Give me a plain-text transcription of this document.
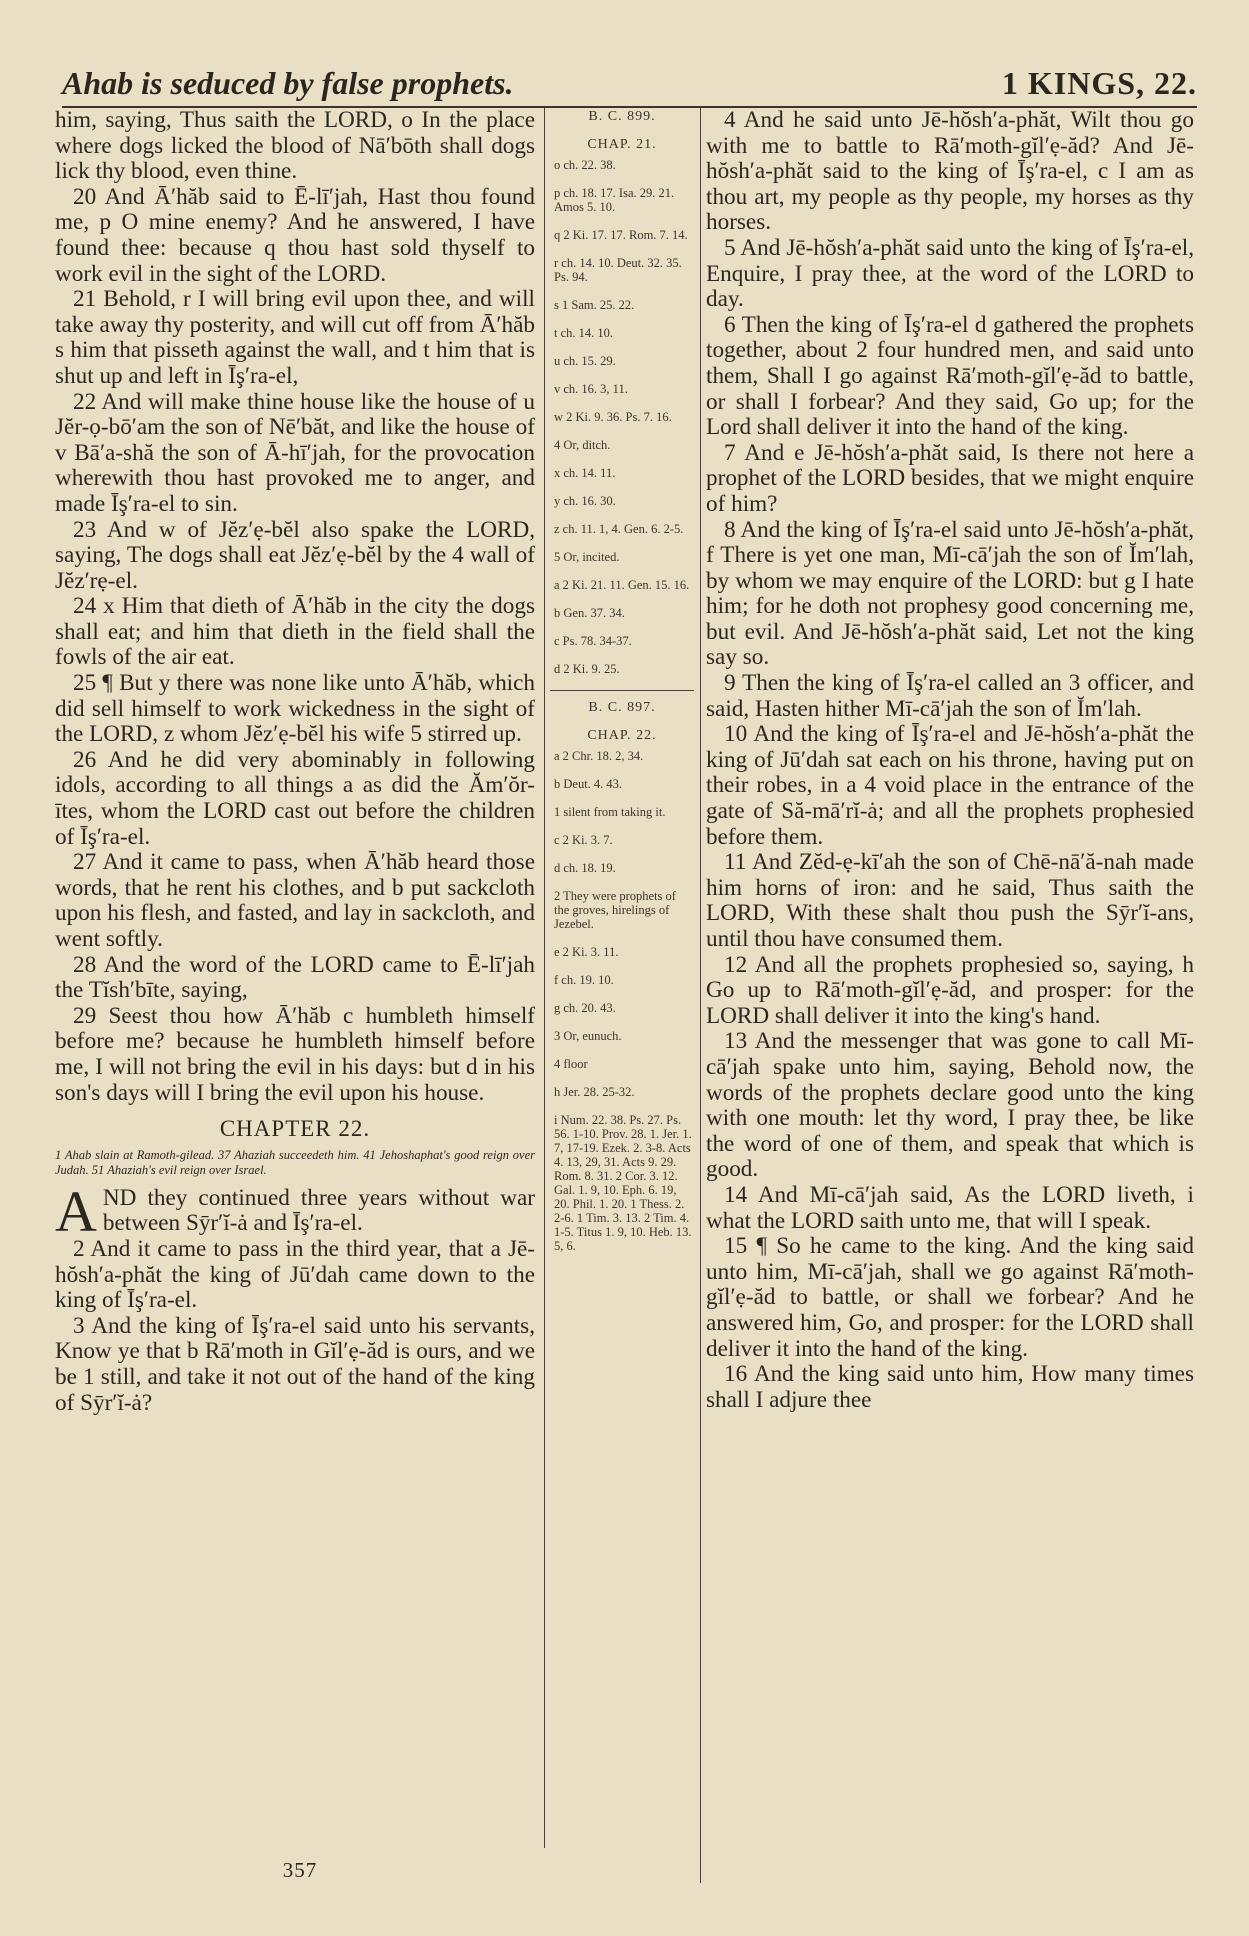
Ahab is seduced by false prophets.	1 KINGS, 22.

him, saying, Thus saith the LORD, o In the place where dogs licked the blood of Nā′bōth shall dogs lick thy blood, even thine.

20 And Ā′hăb said to Ē-lī′jah, Hast thou found me, p O mine enemy? And he answered, I have found thee: because q thou hast sold thyself to work evil in the sight of the LORD.

21 Behold, r I will bring evil upon thee, and will take away thy posterity, and will cut off from Ā′hăb s him that pisseth against the wall, and t him that is shut up and left in Īş′ra-el,

22 And will make thine house like the house of u Jĕr-ọ-bō′am the son of Nē′băt, and like the house of v Bā′a-shă the son of Ā-hī′jah, for the provocation wherewith thou hast provoked me to anger, and made Īş′ra-el to sin.

23 And w of Jĕz′ẹ-bĕl also spake the LORD, saying, The dogs shall eat Jĕz′ẹ-bĕl by the 4 wall of Jĕz′rẹ-el.

24 x Him that dieth of Ā′hăb in the city the dogs shall eat; and him that dieth in the field shall the fowls of the air eat.

25 ¶ But y there was none like unto Ā′hăb, which did sell himself to work wickedness in the sight of the LORD, z whom Jĕz′ẹ-bĕl his wife 5 stirred up.

26 And he did very abominably in following idols, according to all things a as did the Ăm′ŏr-ītes, whom the LORD cast out before the children of Īş′ra-el.

27 And it came to pass, when Ā′hăb heard those words, that he rent his clothes, and b put sackcloth upon his flesh, and fasted, and lay in sackcloth, and went softly.

28 And the word of the LORD came to Ē-lī′jah the Tĭsh′bīte, saying,

29 Seest thou how Ā′hăb c humbleth himself before me? because he humbleth himself before me, I will not bring the evil in his days: but d in his son's days will I bring the evil upon his house.

CHAPTER 22.
1 Ahab slain at Ramoth-gilead. 37 Ahaziah succeedeth him. 41 Jehoshaphat's good reign over Judah. 51 Ahaziah's evil reign over Israel.

AND they continued three years without war between Sȳr′ĭ-ȧ and Īş′ra-el.

2 And it came to pass in the third year, that a Jē-hŏsh′a-phăt the king of Jū′dah came down to the king of Īş′ra-el.

3 And the king of Īş′ra-el said unto his servants, Know ye that b Rā′moth in Gĭl′ẹ-ăd is ours, and we be 1 still, and take it not out of the hand of the king of Sȳr′ĭ-ȧ?

B. C. 899.
CHAP. 21.
o ch. 22. 38.
p ch. 18. 17. Isa. 29. 21. Amos 5. 10.
q 2 Ki. 17. 17. Rom. 7. 14.
r ch. 14. 10. Deut. 32. 35. Ps. 94.
s 1 Sam. 25. 22.
t ch. 14. 10.
u ch. 15. 29.
v ch. 16. 3, 11.
w 2 Ki. 9. 36. Ps. 7. 16.
4 Or, ditch.
x ch. 14. 11.
y ch. 16. 30.
z ch. 11. 1, 4. Gen. 6. 2-5.
5 Or, incited.
a 2 Ki. 21. 11. Gen. 15. 16.
b Gen. 37. 34.
c Ps. 78. 34-37.
d 2 Ki. 9. 25.
B. C. 897.
CHAP. 22.
a 2 Chr. 18. 2, 34.
b Deut. 4. 43.
1 silent from taking it.
c 2 Ki. 3. 7.
d ch. 18. 19.
2 They were prophets of the groves, hirelings of Jezebel.
e 2 Ki. 3. 11.
f ch. 19. 10.
g ch. 20. 43.
3 Or, eunuch.
4 floor
h Jer. 28. 25-32.
i Num. 22. 38. Ps. 27. Ps. 56. 1-10. Prov. 28. 1. Jer. 1. 7, 17-19. Ezek. 2. 3-8. Acts 4. 13, 29, 31. Acts 9. 29. Rom. 8. 31. 2 Cor. 3. 12. Gal. 1. 9, 10. Eph. 6. 19, 20. Phil. 1. 20. 1 Thess. 2. 2-6. 1 Tim. 3. 13. 2 Tim. 4. 1-5. Titus 1. 9, 10. Heb. 13. 5, 6.

4 And he said unto Jē-hŏsh′a-phăt, Wilt thou go with me to battle to Rā′moth-gĭl′ẹ-ăd? And Jē-hŏsh′a-phăt said to the king of Īş′ra-el, c I am as thou art, my people as thy people, my horses as thy horses.

5 And Jē-hŏsh′a-phăt said unto the king of Īş′ra-el, Enquire, I pray thee, at the word of the LORD to day.

6 Then the king of Īş′ra-el d gathered the prophets together, about 2 four hundred men, and said unto them, Shall I go against Rā′moth-gĭl′ẹ-ăd to battle, or shall I forbear? And they said, Go up; for the Lord shall deliver it into the hand of the king.

7 And e Jē-hŏsh′a-phăt said, Is there not here a prophet of the LORD besides, that we might enquire of him?

8 And the king of Īş′ra-el said unto Jē-hŏsh′a-phăt, f There is yet one man, Mī-cā′jah the son of Ĭm′lah, by whom we may enquire of the LORD: but g I hate him; for he doth not prophesy good concerning me, but evil. And Jē-hŏsh′a-phăt said, Let not the king say so.

9 Then the king of Īş′ra-el called an 3 officer, and said, Hasten hither Mī-cā′jah the son of Ĭm′lah.

10 And the king of Īş′ra-el and Jē-hŏsh′a-phăt the king of Jū′dah sat each on his throne, having put on their robes, in a 4 void place in the entrance of the gate of Să-mā′rĭ-ȧ; and all the prophets prophesied before them.

11 And Zĕd-ẹ-kī′ah the son of Chē-nā′ă-nah made him horns of iron: and he said, Thus saith the LORD, With these shalt thou push the Sȳr′ĭ-ans, until thou have consumed them.

12 And all the prophets prophesied so, saying, h Go up to Rā′moth-gĭl′ẹ-ăd, and prosper: for the LORD shall deliver it into the king's hand.

13 And the messenger that was gone to call Mī-cā′jah spake unto him, saying, Behold now, the words of the prophets declare good unto the king with one mouth: let thy word, I pray thee, be like the word of one of them, and speak that which is good.

14 And Mī-cā′jah said, As the LORD liveth, i what the LORD saith unto me, that will I speak.

15 ¶ So he came to the king. And the king said unto him, Mī-cā′jah, shall we go against Rā′moth-gĭl′ẹ-ăd to battle, or shall we forbear? And he answered him, Go, and prosper: for the LORD shall deliver it into the hand of the king.

16 And the king said unto him, How many times shall I adjure thee

357
